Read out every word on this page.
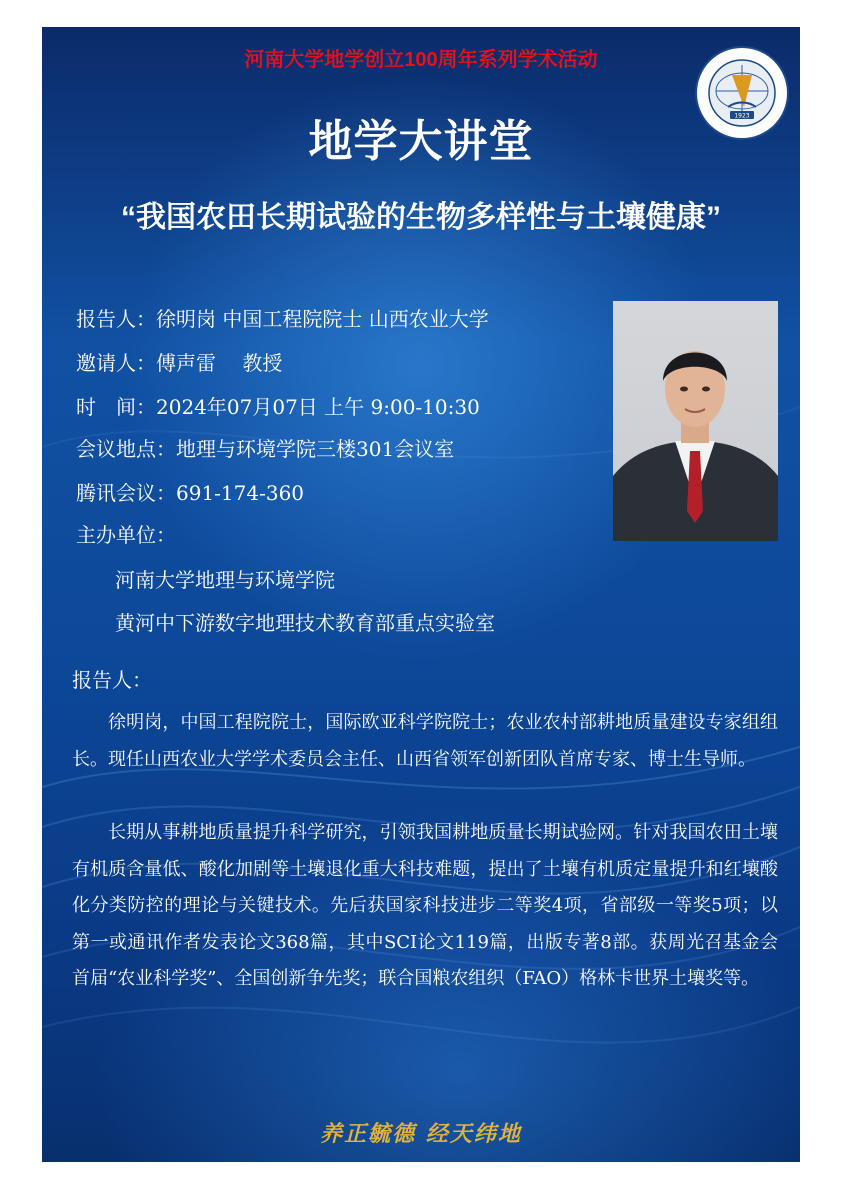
河南大学地学创立100周年系列学术活动
1923
地学大讲堂
“我国农田长期试验的生物多样性与土壤健康”
报告人：徐明岗 中国工程院院士 山西农业大学
邀请人：傅声雷　 教授
时　间：2024年07月07日 上午 9:00-10:30
会议地点：地理与环境学院三楼301会议室
腾讯会议：691-174-360
主办单位：
河南大学地理与环境学院
黄河中下游数字地理技术教育部重点实验室
报告人：
徐明岗，中国工程院院士，国际欧亚科学院院士；农业农村部耕地质量建设专家组组长。现任山西农业大学学术委员会主任、山西省领军创新团队首席专家、博士生导师。
长期从事耕地质量提升科学研究，引领我国耕地质量长期试验网。针对我国农田土壤有机质含量低、酸化加剧等土壤退化重大科技难题，提出了土壤有机质定量提升和红壤酸化分类防控的理论与关键技术。先后获国家科技进步二等奖4项，省部级一等奖5项；以第一或通讯作者发表论文368篇，其中SCI论文119篇，出版专著8部。获周光召基金会首届“农业科学奖”、全国创新争先奖；联合国粮农组织（FAO）格林卡世界土壤奖等。
养正毓德 经天纬地
